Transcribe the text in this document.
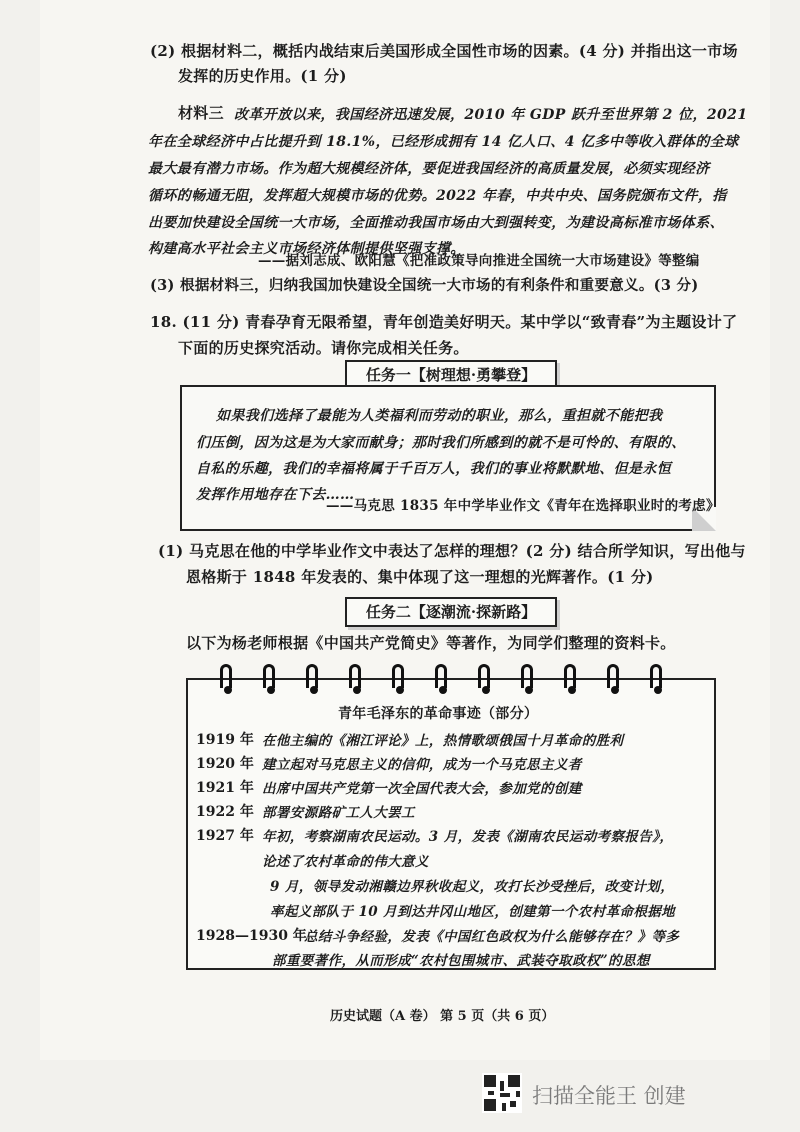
(2) 根据材料二，概括内战结束后美国形成全国性市场的因素。(4 分) 并指出这一市场
发挥的历史作用。(1 分)
材料三 改革开放以来，我国经济迅速发展，2010 年 GDP 跃升至世界第 2 位，2021
年在全球经济中占比提升到 18.1%，已经形成拥有 14 亿人口、4 亿多中等收入群体的全球
最大最有潜力市场。作为超大规模经济体，要促进我国经济的高质量发展，必须实现经济
循环的畅通无阻，发挥超大规模市场的优势。2022 年春，中共中央、国务院颁布文件，指
出要加快建设全国统一大市场，全面推动我国市场由大到强转变，为建设高标准市场体系、
构建高水平社会主义市场经济体制提供坚强支撑。
——据刘志成、欧阳慧《把准政策导向推进全国统一大市场建设》等整编
(3) 根据材料三，归纳我国加快建设全国统一大市场的有利条件和重要意义。(3 分)
18. (11 分) 青春孕育无限希望，青年创造美好明天。某中学以“致青春”为主题设计了
下面的历史探究活动。请你完成相关任务。
任务一【树理想·勇攀登】
如果我们选择了最能为人类福利而劳动的职业，那么，重担就不能把我
们压倒，因为这是为大家而献身；那时我们所感到的就不是可怜的、有限的、
自私的乐趣，我们的幸福将属于千百万人，我们的事业将默默地、但是永恒
发挥作用地存在下去……
——马克思 1835 年中学毕业作文《青年在选择职业时的考虑》
(1) 马克思在他的中学毕业作文中表达了怎样的理想？(2 分) 结合所学知识，写出他与
恩格斯于 1848 年发表的、集中体现了这一理想的光辉著作。(1 分)
任务二【逐潮流·探新路】
以下为杨老师根据《中国共产党简史》等著作，为同学们整理的资料卡。
青年毛泽东的革命事迹（部分）
1919 年 在他主编的《湘江评论》上，热情歌颂俄国十月革命的胜利
1920 年 建立起对马克思主义的信仰，成为一个马克思主义者
1921 年 出席中国共产党第一次全国代表大会，参加党的创建
1922 年 部署安源路矿工人大罢工
1927 年 年初，考察湖南农民运动。3 月，发表《湖南农民运动考察报告》，
论述了农村革命的伟大意义
9 月，领导发动湘赣边界秋收起义，攻打长沙受挫后，改变计划，
率起义部队于 10 月到达井冈山地区，创建第一个农村革命根据地
1928—1930 年
总结斗争经验，发表《中国红色政权为什么能够存在？》等多
部重要著作，从而形成“农村包围城市、武装夺取政权”的思想
历史试题（A 卷） 第 5 页（共 6 页）
扫描全能王 创建
